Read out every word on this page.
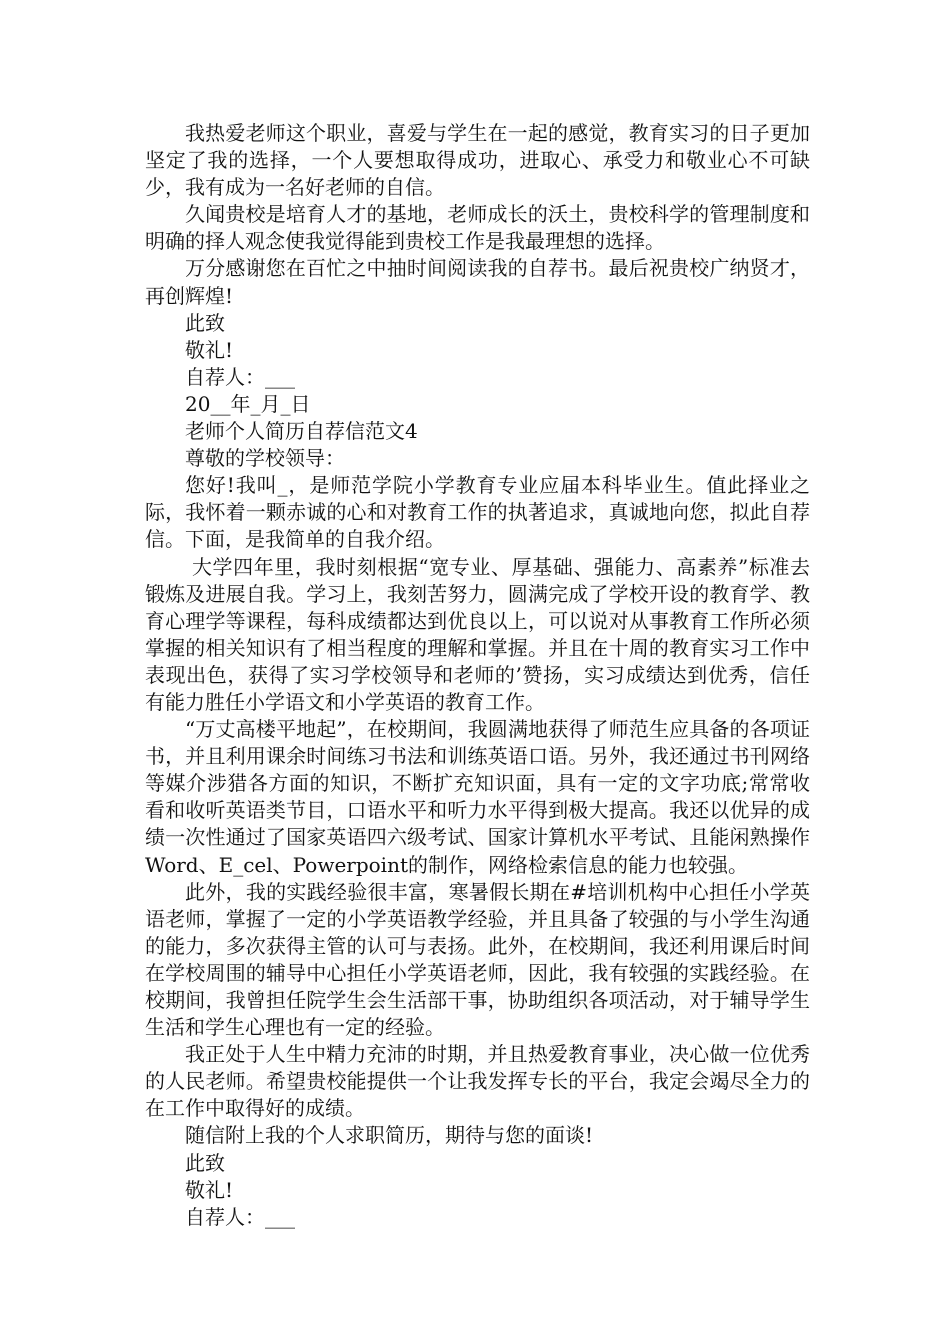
我热爱老师这个职业，喜爱与学生在一起的感觉，教育实习的日子更加坚定了我的选择，一个人要想取得成功，进取心、承受力和敬业心不可缺少，我有成为一名好老师的自信。

久闻贵校是培育人才的基地，老师成长的沃土，贵校科学的管理制度和明确的择人观念使我觉得能到贵校工作是我最理想的选择。

万分感谢您在百忙之中抽时间阅读我的自荐书。最后祝贵校广纳贤才，再创辉煌!

此致

敬礼!

自荐人：___

20__年_月_日

老师个人简历自荐信范文4

尊敬的学校领导：

您好!我叫_，是师范学院小学教育专业应届本科毕业生。值此择业之际，我怀着一颗赤诚的心和对教育工作的执著追求，真诚地向您，拟此自荐信。下面，是我简单的自我介绍。

大学四年里，我时刻根据“宽专业、厚基础、强能力、高素养”标准去锻炼及进展自我。学习上，我刻苦努力，圆满完成了学校开设的教育学、教育心理学等课程，每科成绩都达到优良以上，可以说对从事教育工作所必须掌握的相关知识有了相当程度的理解和掌握。并且在十周的教育实习工作中表现出色，获得了实习学校领导和老师的’赞扬，实习成绩达到优秀，信任有能力胜任小学语文和小学英语的教育工作。

“万丈高楼平地起”，在校期间，我圆满地获得了师范生应具备的各项证书，并且利用课余时间练习书法和训练英语口语。另外，我还通过书刊网络等媒介涉猎各方面的知识，不断扩充知识面，具有一定的文字功底;常常收看和收听英语类节目，口语水平和听力水平得到极大提高。我还以优异的成绩一次性通过了国家英语四六级考试、国家计算机水平考试、且能闲熟操作

Word、E_cel、Powerpoint的制作，网络检索信息的能力也较强。

此外，我的实践经验很丰富，寒暑假长期在#培训机构中心担任小学英语老师，掌握了一定的小学英语教学经验，并且具备了较强的与小学生沟通的能力，多次获得主管的认可与表扬。此外，在校期间，我还利用课后时间在学校周围的辅导中心担任小学英语老师，因此，我有较强的实践经验。在校期间，我曾担任院学生会生活部干事，协助组织各项活动，对于辅导学生生活和学生心理也有一定的经验。

我正处于人生中精力充沛的时期，并且热爱教育事业，决心做一位优秀的人民老师。希望贵校能提供一个让我发挥专长的平台，我定会竭尽全力的在工作中取得好的成绩。

随信附上我的个人求职简历，期待与您的面谈!

此致

敬礼!

自荐人：___
